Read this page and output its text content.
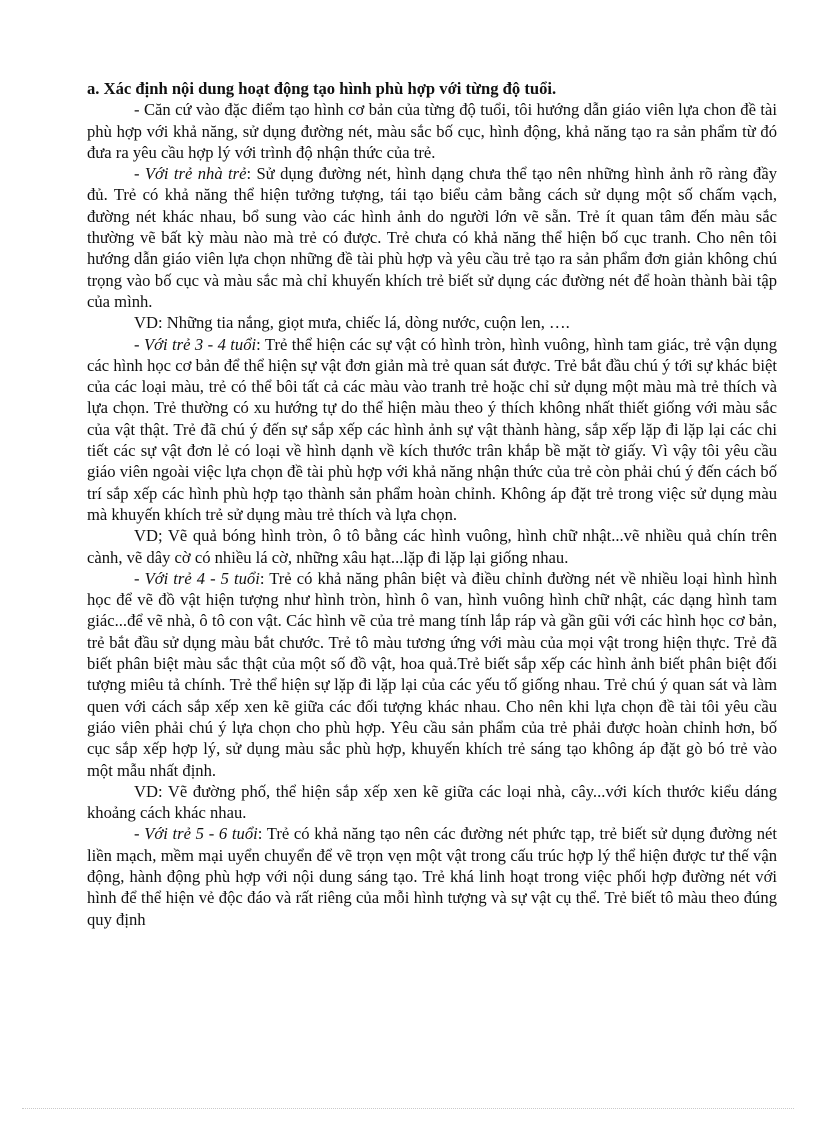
a. Xác định nội dung hoạt động tạo hình phù hợp với từng độ tuổi.

- Căn cứ vào đặc điểm tạo hình cơ bản của từng độ tuổi, tôi hướng dẫn giáo viên lựa chon đề tài phù hợp với khả năng, sử dụng đường nét, màu sắc bố cục, hình động, khả năng tạo ra sản phẩm từ đó đưa ra yêu cầu hợp lý với trình độ nhận thức của trẻ.

- Với trẻ nhà trẻ: Sử dụng đường nét, hình dạng chưa thể tạo nên những hình ảnh rõ ràng đầy đủ. Trẻ có khả năng thể hiện tưởng tượng, tái tạo biểu cảm bằng cách sử dụng một số chấm vạch, đường nét khác nhau, bổ sung vào các hình ảnh do người lớn vẽ sẵn. Trẻ ít quan tâm đến màu sắc thường vẽ bất kỳ màu nào mà trẻ có được. Trẻ chưa có khả năng thể hiện bố cục tranh. Cho nên tôi hướng dẫn giáo viên lựa chọn những đề tài phù hợp và yêu cầu trẻ tạo ra sản phẩm đơn giản không chú trọng vào bố cục và màu sắc mà chỉ khuyến khích trẻ biết sử dụng các đường nét để hoàn thành bài tập của mình.

VD: Những tia nắng, giọt mưa, chiếc lá, dòng nước, cuộn len, ….

- Với trẻ 3 - 4 tuổi: Trẻ thể hiện các sự vật có hình tròn, hình vuông, hình tam giác, trẻ vận dụng các hình học cơ bản để thể hiện sự vật đơn giản mà trẻ quan sát được. Trẻ bắt đầu chú ý tới sự khác biệt của các loại màu, trẻ có thể bôi tất cả các màu vào tranh trẻ hoặc chỉ sử dụng một màu mà trẻ thích và lựa chọn. Trẻ thường có xu hướng tự do thể hiện màu theo ý thích không nhất thiết giống với màu sắc của vật thật. Trẻ đã chú ý đến sự sắp xếp các hình ảnh sự vật thành hàng, sắp xếp lặp đi lặp lại các chi tiết các sự vật đơn lẻ có loại về hình dạnh về kích thước trân khắp bề mặt tờ giấy. Vì vậy tôi yêu cầu giáo viên ngoài việc lựa chọn đề tài phù hợp với khả năng nhận thức của trẻ còn phải chú ý đến cách bố trí sắp xếp các hình phù hợp tạo thành sản phẩm hoàn chỉnh. Không áp đặt trẻ trong việc sử dụng màu mà khuyến khích trẻ sử dụng màu trẻ thích và lựa chọn.

VD; Vẽ quả bóng hình tròn, ô tô bằng các hình vuông, hình chữ nhật...vẽ nhiều quả chín trên cành, vẽ dây cờ có nhiều lá cờ, những xâu hạt...lặp đi lặp lại giống nhau.

- Với trẻ 4 - 5 tuổi: Trẻ có khả năng phân biệt và điều chỉnh đường nét về nhiều loại hình hình học để vẽ đồ vật hiện tượng như hình tròn, hình ô van, hình vuông hình chữ nhật, các dạng hình tam giác...để vẽ nhà, ô tô con vật. Các hình vẽ của trẻ mang tính lắp ráp và gần gũi với các hình học cơ bản, trẻ bắt đầu sử dụng màu bắt chước. Trẻ tô màu tương ứng với màu của mọi vật trong hiện thực. Trẻ đã biết phân biệt màu sắc thật của một số đồ vật, hoa quả.Trẻ biết sắp xếp các hình ảnh biết phân biệt đối tượng miêu tả chính. Trẻ thể hiện sự lặp đi lặp lại của các yếu tố giống nhau. Trẻ chú ý quan sát và làm quen với cách sắp xếp xen kẽ giữa các đối tượng khác nhau. Cho nên khi lựa chọn đề tài tôi yêu cầu giáo viên phải chú ý lựa chọn cho phù hợp. Yêu cầu sản phẩm của trẻ phải được hoàn chỉnh hơn, bố cục sắp xếp hợp lý, sử dụng màu sắc phù hợp, khuyến khích trẻ sáng tạo không áp đặt gò bó trẻ vào một mẫu nhất định.

VD: Vẽ đường phố, thể hiện sắp xếp xen kẽ giữa các loại nhà, cây...với kích thước kiểu dáng khoảng cách khác nhau.

- Với trẻ 5 - 6 tuổi: Trẻ có khả năng tạo nên các đường nét phức tạp, trẻ biết sử dụng đường nét liền mạch, mềm mại uyển chuyển để vẽ trọn vẹn một vật trong cấu trúc hợp lý thể hiện được tư thế vận động, hành động phù hợp với nội dung sáng tạo. Trẻ khá linh hoạt trong việc phối hợp đường nét với hình để thể hiện vẻ độc đáo và rất riêng của mỗi hình tượng và sự vật cụ thể. Trẻ biết tô màu theo đúng quy định
